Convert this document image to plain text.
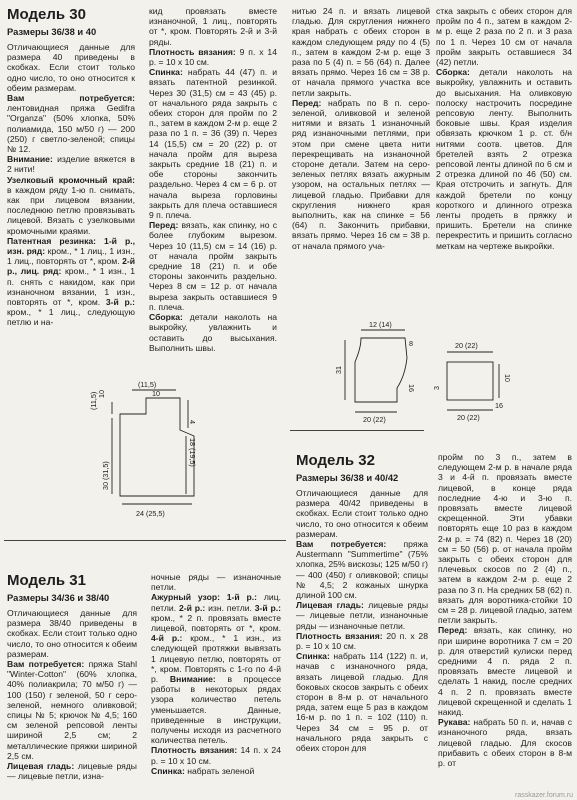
Модель 30

Размеры 36/38 и 40

Отличающиеся данные для размера 40 приведены в скобках. Если стоит только одно число, то оно относится к обеим размерам.

Вам потребуется: лентовидная пряжа Gedifra "Organza" (50% хлопка, 50% полиамида, 150 м/50 г) — 200 (250) г светло-зеленой; спицы № 12.

Внимание: изделие вяжется в 2 нити!

Узелковый кромочный край: в каждом ряду 1-ю п. снимать, как при лицевом вязании, последнюю петлю провязывать лицевой. Вязать с узелковыми кромочными краями.

Патентная резинка: 1-й р., изн. ряд: кром., * 1 лиц., 1 изн., 1 лиц., повторять от *, кром. 2-й р., лиц. ряд: кром., * 1 изн., 1 п. снять с накидом, как при изнаночном вязании, 1 изн., повторять от *, кром. 3-й р.: кром., * 1 лиц., следующую петлю и на-

кид провязать вместе изнаночной, 1 лиц., повторять от *, кром. Повторять 2-й и 3-й ряды.

Плотность вязания: 9 п. x 14 р. = 10 x 10 см.

Спинка: набрать 44 (47) п. и вязать патентной резинкой. Через 30 (31,5) см = 43 (45) р. от начального ряда закрыть с обеих сторон для пройм по 2 п., затем в каждом 2-м р. еще 2 раза по 1 п. = 36 (39) п. Через 14 (15,5) см = 20 (22) р. от начала пройм для выреза закрыть средние 18 (21) п. и обе стороны закончить раздельно. Через 4 см = 6 р. от начала выреза горловины закрыть для плеча оставшиеся 9 п. плеча.

Перед: вязать, как спинку, но с более глубоким вырезом. Через 10 (11,5) см = 14 (16) р. от начала пройм закрыть средние 18 (21) п. и обе стороны закончить раздельно. Через 8 см = 12 р. от начала выреза закрыть оставшиеся 9 п. плеча.

Сборка: детали наколоть на выкройку, увлажнить и оставить до высыхания. Выполнить швы.

(11,5)
10
(11,5) 10
4
18 (19,5)
30 (31,5)
24 (25,5)

Модель 31

Размеры 34/36 и 38/40

Отличающиеся данные для размера 38/40 приведены в скобках. Если стоит только одно число, то оно относится к обеим размерам.

Вам потребуется: пряжа Stahl "Winter-Cotton" (60% хлопка, 40% полиакрила; 70 м/50 г) — 100 (150) г зеленой, 50 г серо-зеленой, немного оливковой; спицы № 5; крючок № 4,5; 160 см зеленой репсовой ленты шириной 2,5 см; 2 металлические пряжки шириной 2,5 см.

Лицевая гладь: лицевые ряды — лицевые петли, изна-

ночные ряды — изнаночные петли.

Ажурный узор: 1-й р.: лиц. петли. 2-й р.: изн. петли. 3-й р.: кром., * 2 п. провязать вместе лицевой, повторять от *, кром. 4-й р.: кром., * 1 изн., из следующей протяжки вывязать 1 лицевую петлю, повторять от *, кром. Повторять с 1-го по 4-й р. Внимание: в процессе работы в некоторых рядах узора количество петель уменьшается. Данные, приведенные в инструкции, получены исходя из расчетного количества петель.

Плотность вязания: 14 п. x 24 р. = 10 x 10 см.

Спинка: набрать зеленой

нитью 24 п. и вязать лицевой гладью. Для скругления нижнего края набрать с обеих сторон в каждом следующем ряду по 4 (5) п., затем в каждом 2-м р. еще 3 раза по 5 (4) п. = 56 (64) п. Далее вязать прямо. Через 16 см = 38 р. от начала прямого участка все петли закрыть.

Перед: набрать по 8 п. серо-зеленой, оливковой и зеленой нитями и вязать 1 изнаночный ряд изнаночными петлями, при этом при смене цвета нити перекрещивать на изнаночной стороне детали. Затем на серо-зеленых петлях вязать ажурным узором, на остальных петлях — лицевой гладью. Прибавки для скругления нижнего края выполнить, как на спинке = 56 (64) п. Закончить прибавки, вязать прямо. Через 16 см = 38 р. от начала прямого уча-

стка закрыть с обеих сторон для пройм по 4 п., затем в каждом 2-м р. еще 2 раза по 2 п. и 3 раза по 1 п. Через 10 см от начала пройм закрыть оставшиеся 34 (42) петли.

Сборка: детали наколоть на выкройку, увлажнить и оставить до высыхания. На оливковую полоску настрочить посредине репсовую ленту. Выполнить боковые швы. Края изделия обвязать крючком 1 р. ст. б/н нитями соотв. цветов. Для бретелей взять 2 отрезка репсовой ленты длиной по 6 см и 2 отрезка длиной по 46 (50) см. Края отстрочить и загнуть. Для каждой бретели по концу короткого и длинного отрезка ленты продеть в пряжку и пришить. Бретели на спинке перекрестить и пришить согласно меткам на чертеже выкройки.

12 (14)
8
16
31
20 (22)
20 (22)
10
3
20 (22)
16

Модель 32

Размеры 36/38 и 40/42

Отличающиеся данные для размера 40/42 приведены в скобках. Если стоит только одно число, то оно относится к обеим размерам.

Вам потребуется: пряжа Austermann "Summertime" (75% хлопка, 25% вискозы; 125 м/50 г) — 400 (450) г оливковой; спицы № 4,5; 2 кожаных шнурка длиной 100 см.

Лицевая гладь: лицевые ряды — лицевые петли, изнаночные ряды — изнаночные петли.

Плотность вязания: 20 п. x 28 р. = 10 x 10 см.

Спинка: набрать 114 (122) п. и, начав с изнаночного ряда, вязать лицевой гладью. Для боковых скосов закрыть с обеих сторон в 8-м р. от начального ряда, затем еще 5 раз в каждом 16-м р. по 1 п. = 102 (110) п. Через 34 см = 95 р. от начального ряда закрыть с обеих сторон для

пройм по 3 п., затем в следующем 2-м р. в начале ряда 3 и 4-й п. провязать вместе лицевой, в конце ряда последние 4-ю и 3-ю п. провязать вместе лицевой скрещенной. Эти убавки повторять еще 10 раз в каждом 2-м р. = 74 (82) п. Через 18 (20) см = 50 (56) р. от начала пройм закрыть с обеих сторон для плечевых скосов по 2 (4) п., затем в каждом 2-м р. еще 2 раза по 3 п. На средних 58 (62) п. вязать для воротника-стойки 10 см = 28 р. лицевой гладью, затем петли закрыть.

Перед: вязать, как спинку, но при ширине воротника 7 см = 20 р. для отверстий кулиски перед средними 4 п. ряда 2 п. провязать вместе лицевой и сделать 1 накид, после средних 4 п. 2 п. провязать вместе лицевой скрещенной и сделать 1 накид.

Рукава: набрать 50 п. и, начав с изнаночного ряда, вязать лицевой гладью. Для скосов прибавить с обеих сторон в 8-м р. от

rasskazer.forum.ru
